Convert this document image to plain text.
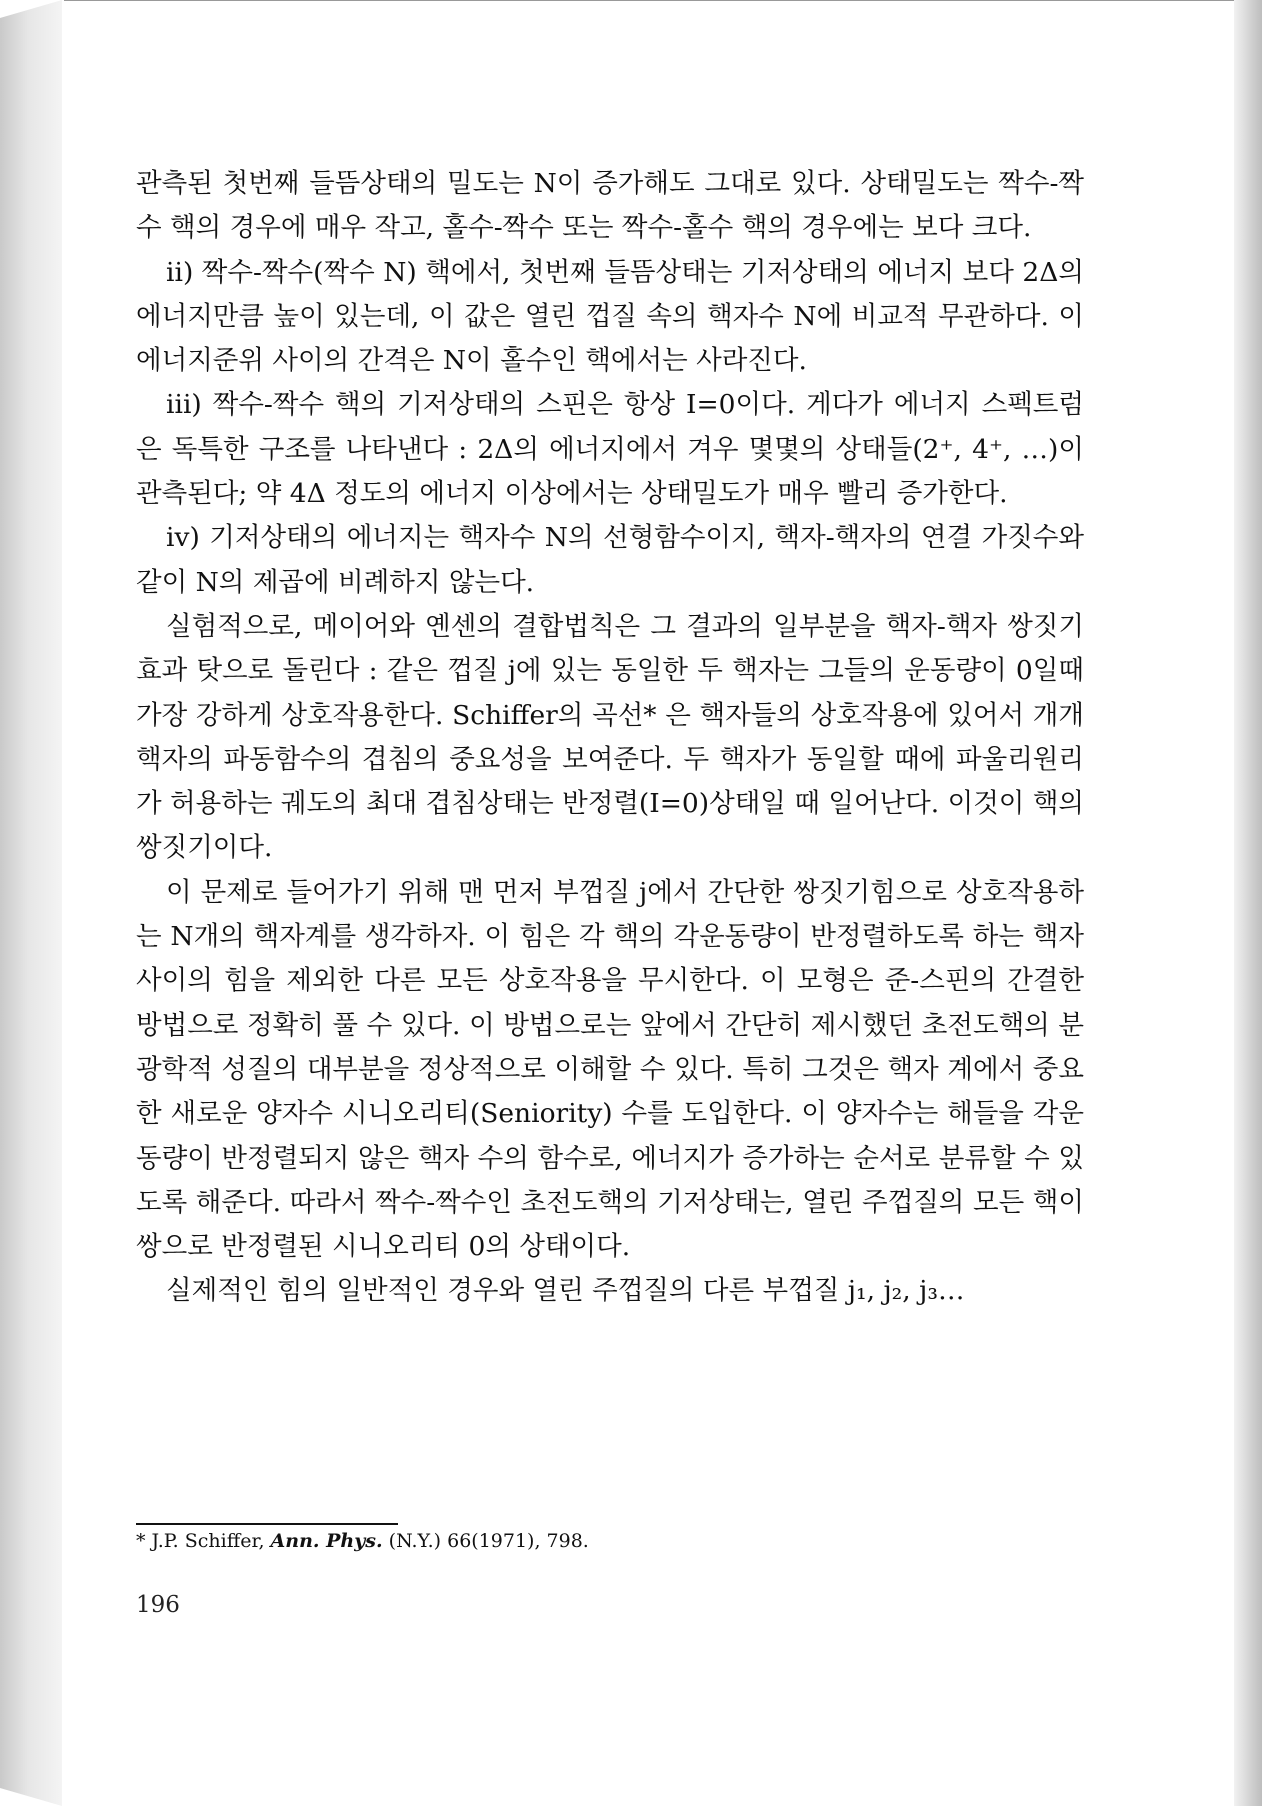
관측된 첫번째 들뜸상태의 밀도는 N이 증가해도 그대로 있다. 상태밀도는 짝수-짝수 핵의 경우에 매우 작고, 홀수-짝수 또는 짝수-홀수 핵의 경우에는 보다 크다.

ii) 짝수-짝수(짝수 N) 핵에서, 첫번째 들뜸상태는 기저상태의 에너지 보다 2Δ의 에너지만큼 높이 있는데, 이 값은 열린 껍질 속의 핵자수 N에 비교적 무관하다. 이 에너지준위 사이의 간격은 N이 홀수인 핵에서는 사라진다.

iii) 짝수-짝수 핵의 기저상태의 스핀은 항상 I=0이다. 게다가 에너지 스펙트럼은 독특한 구조를 나타낸다 : 2Δ의 에너지에서 겨우 몇몇의 상태들(2⁺, 4⁺, …)이 관측된다; 약 4Δ 정도의 에너지 이상에서는 상태밀도가 매우 빨리 증가한다.

iv) 기저상태의 에너지는 핵자수 N의 선형함수이지, 핵자-핵자의 연결 가짓수와 같이 N의 제곱에 비례하지 않는다.

실험적으로, 메이어와 옌센의 결합법칙은 그 결과의 일부분을 핵자-핵자 쌍짓기효과 탓으로 돌린다 : 같은 껍질 j에 있는 동일한 두 핵자는 그들의 운동량이 0일때 가장 강하게 상호작용한다. Schiffer의 곡선* 은 핵자들의 상호작용에 있어서 개개 핵자의 파동함수의 겹침의 중요성을 보여준다. 두 핵자가 동일할 때에 파울리원리가 허용하는 궤도의 최대 겹침상태는 반정렬(I=0)상태일 때 일어난다. 이것이 핵의 쌍짓기이다.

이 문제로 들어가기 위해 맨 먼저 부껍질 j에서 간단한 쌍짓기힘으로 상호작용하는 N개의 핵자계를 생각하자. 이 힘은 각 핵의 각운동량이 반정렬하도록 하는 핵자 사이의 힘을 제외한 다른 모든 상호작용을 무시한다. 이 모형은 준-스핀의 간결한 방법으로 정확히 풀 수 있다. 이 방법으로는 앞에서 간단히 제시했던 초전도핵의 분광학적 성질의 대부분을 정상적으로 이해할 수 있다. 특히 그것은 핵자 계에서 중요한 새로운 양자수 시니오리티(Seniority) 수를 도입한다. 이 양자수는 해들을 각운동량이 반정렬되지 않은 핵자 수의 함수로, 에너지가 증가하는 순서로 분류할 수 있도록 해준다. 따라서 짝수-짝수인 초전도핵의 기저상태는, 열린 주껍질의 모든 핵이 쌍으로 반정렬된 시니오리티 0의 상태이다.

실제적인 힘의 일반적인 경우와 열린 주껍질의 다른 부껍질 j₁, j₂, j₃…

* J.P. Schiffer, Ann. Phys. (N.Y.) 66(1971), 798.
196
